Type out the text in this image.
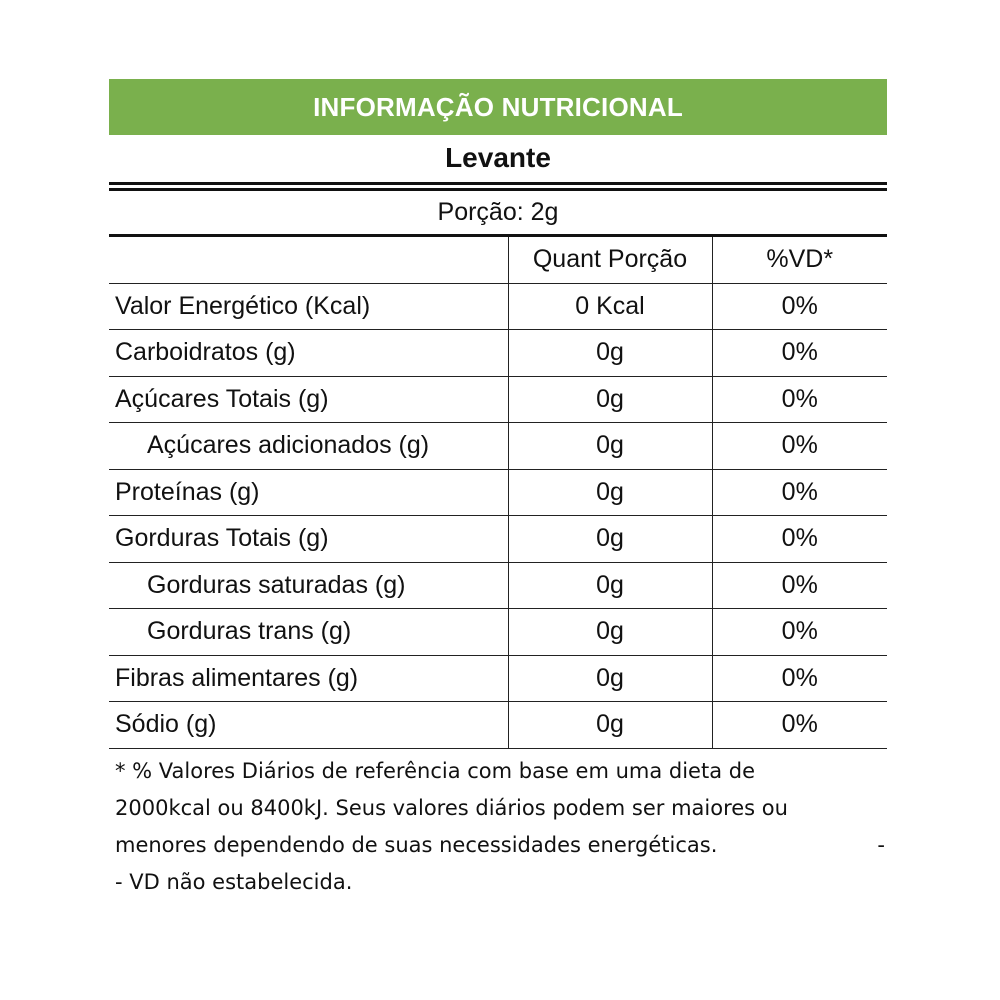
INFORMAÇÃO NUTRICIONAL
Levante
Porção: 2g
	Quant Porção	%VD*
Valor Energético (Kcal)	0 Kcal	0%
Carboidratos (g)	0g	0%
Açúcares Totais (g)	0g	0%
Açúcares adicionados (g)	0g	0%
Proteínas (g)	0g	0%
Gorduras Totais (g)	0g	0%
Gorduras saturadas (g)	0g	0%
Gorduras trans (g)	0g	0%
Fibras alimentares (g)	0g	0%
Sódio (g)	0g	0%
* % Valores Diários de referência com base em uma dieta de
2000kcal ou 8400kJ. Seus valores diários podem ser maiores ou
menores dependendo de suas necessidades energéticas.
- VD não estabelecida.
-
